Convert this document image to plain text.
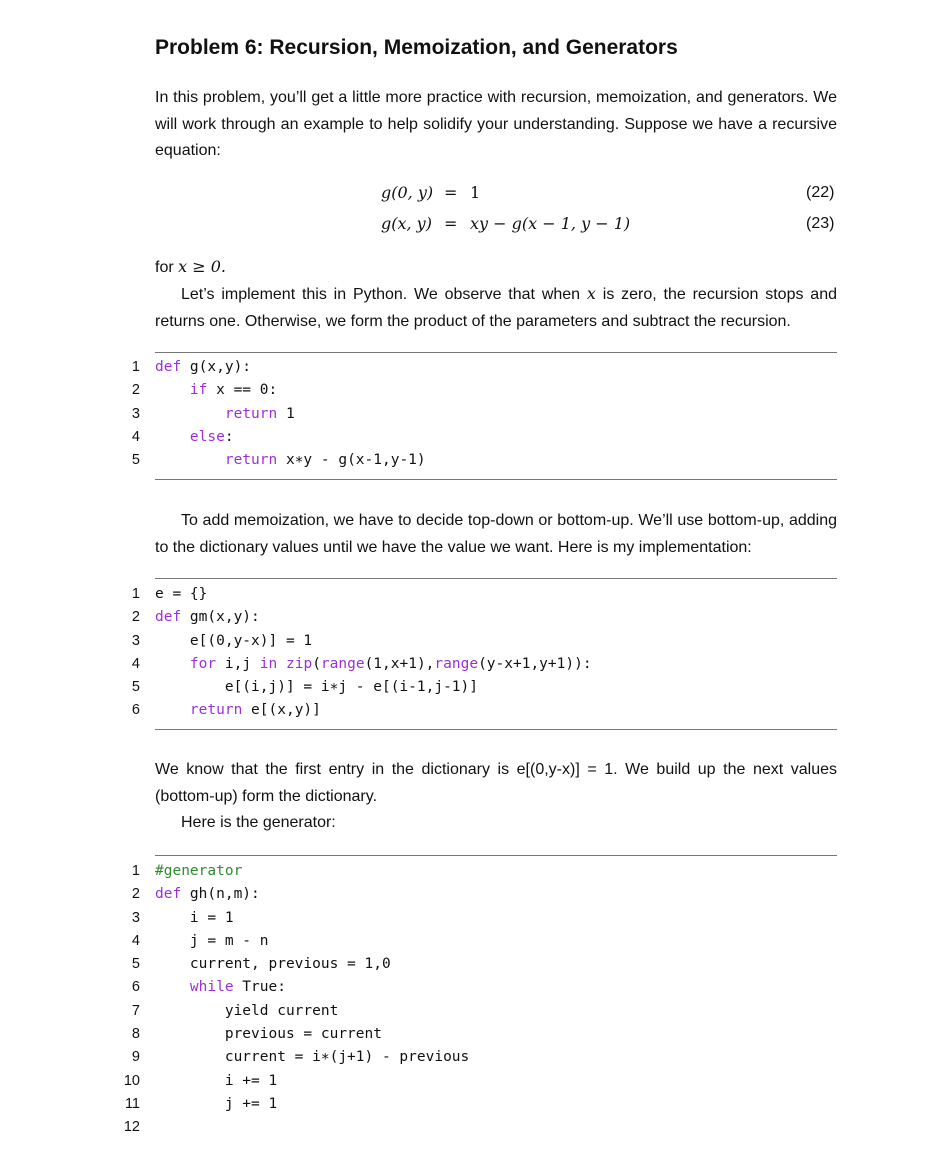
Problem 6: Recursion, Memoization, and Generators
In this problem, you’ll get a little more practice with recursion, memoization, and generators. We will work through an example to help solidify your understanding. Suppose we have a recursive equation:
g(0, y) = 1	(22)
g(x, y) = xy − g(x − 1, y − 1)	(23)
for x ≥ 0.
Let’s implement this in Python. We observe that when x is zero, the recursion stops and returns one. Otherwise, we form the product of the parameters and subtract the recursion.
1 def g(x,y):
2	if x == 0:
3	return 1
4	else:
5	return x∗y - g(x-1,y-1)
To add memoization, we have to decide top-down or bottom-up. We’ll use bottom-up, adding to the dictionary values until we have the value we want. Here is my implementation:
1 e = {}
2 def gm(x,y):
3 e[(0,y-x)] = 1
4	for i,j in zip(range(1,x+1),range(y-x+1,y+1)):
5 e[(i,j)] = i∗j - e[(i-1,j-1)]
6	return e[(x,y)]
We know that the first entry in the dictionary is e[(0,y-x)] = 1. We build up the next values (bottom-up) form the dictionary.
Here is the generator:
1 #generator
2 def gh(n,m):
3 i = 1
4 j = m - n
5 current, previous = 1,0
6	while True:
7 yield current
8 previous = current
9 current = i∗(j+1) - previous
10 i += 1
11 j += 1
12
